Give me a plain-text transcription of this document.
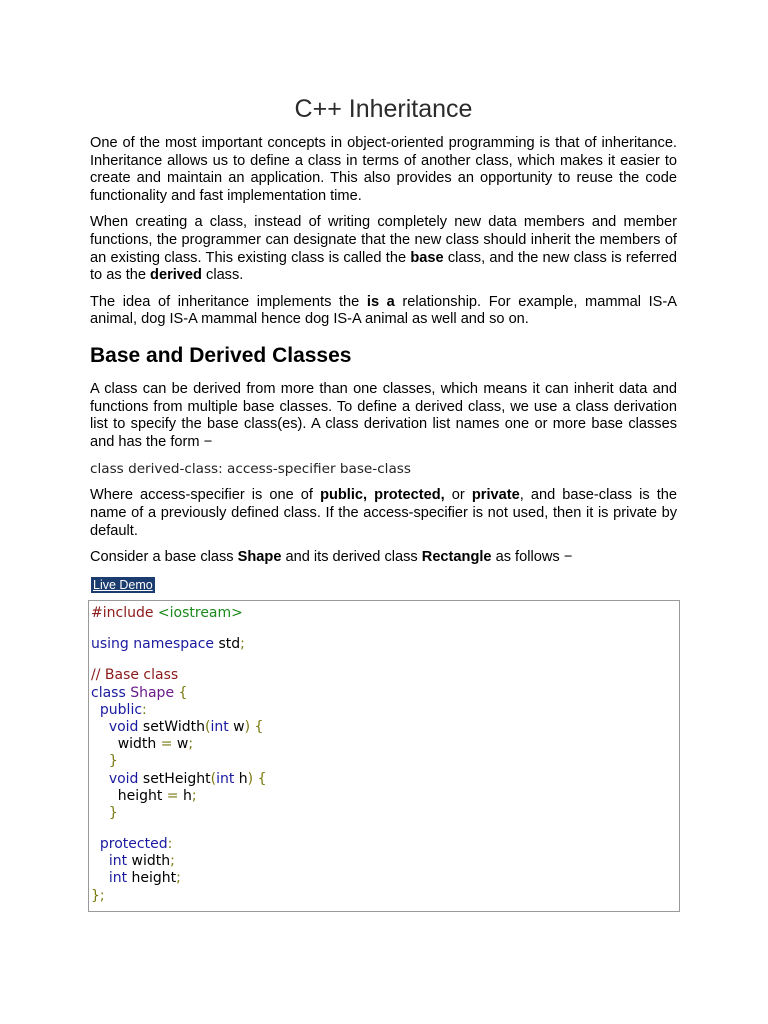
C++ Inheritance

One of the most important concepts in object-oriented programming is that of inheritance. Inheritance allows us to define a class in terms of another class, which makes it easier to create and maintain an application. This also provides an opportunity to reuse the code functionality and fast implementation time.

When creating a class, instead of writing completely new data members and member functions, the programmer can designate that the new class should inherit the members of an existing class. This existing class is called the base class, and the new class is referred to as the derived class.

The idea of inheritance implements the is a relationship. For example, mammal IS-A animal, dog IS-A mammal hence dog IS-A animal as well and so on.

Base and Derived Classes

A class can be derived from more than one classes, which means it can inherit data and functions from multiple base classes. To define a derived class, we use a class derivation list to specify the base class(es). A class derivation list names one or more base classes and has the form −

class derived-class: access-specifier base-class

Where access-specifier is one of public, protected, or private, and base-class is the name of a previously defined class. If the access-specifier is not used, then it is private by default.

Consider a base class Shape and its derived class Rectangle as follows −

Live Demo
#include <iostream>
using namespace std;
// Base class
class Shape {
public:
void setWidth(int w) {
width = w;
}
void setHeight(int h) {
height = h;
}
protected:
int width;
int height;
};
